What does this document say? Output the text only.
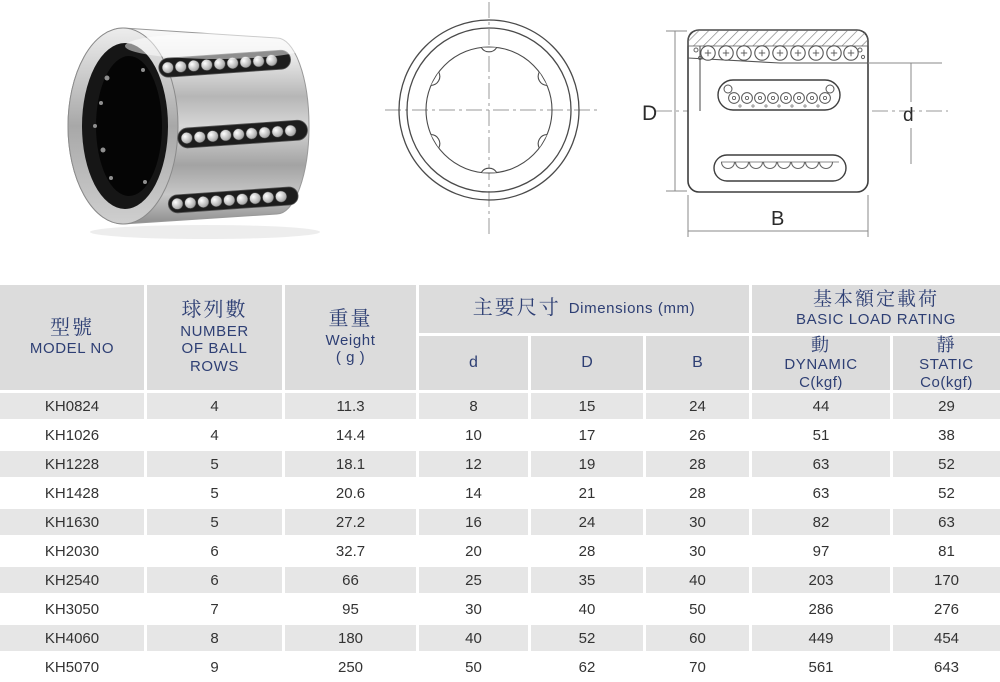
D	d
B
型號
MODEL NO
球列數
NUMBER
OF BALL
ROWS
重量
Weight
( g )
主要尺寸 Dimensions (mm)
d	D	B
基本額定載荷
BASIC LOAD RATING
動
DYNAMIC
C(kgf)
靜
STATIC
Co(kgf)
KH0824	4	11.3	8	15	24	44	29
KH1026	4	14.4	10	17	26	51	38
KH1228	5	18.1	12	19	28	63	52
KH1428	5	20.6	14	21	28	63	52
KH1630	5	27.2	16	24	30	82	63
KH2030	6	32.7	20	28	30	97	81
KH2540	6	66	25	35	40	203	170
KH3050	7	95	30	40	50	286	276
KH4060	8	180	40	52	60	449	454
KH5070	9	250	50	62	70	561	643
